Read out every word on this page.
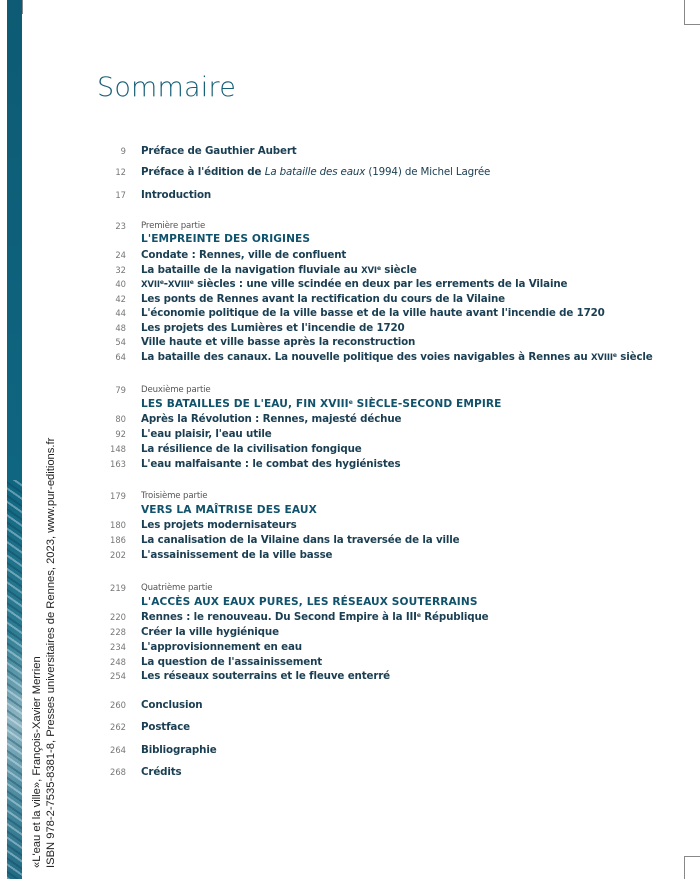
«L'eau et la ville», François-Xavier Merrien ISBN 978-2-7535-8381-8, Presses universitaires de Rennes, 2023, www.pur-editions.fr
Sommaire
9 Préface de Gauthier Aubert
12 Préface à l'édition de La bataille des eaux (1994) de Michel Lagrée
17 Introduction
23 Première partie
L'EMPREINTE DES ORIGINES
24 Condate : Rennes, ville de confluent
32 La bataille de la navigation fluviale au XVIe siècle
40 XVIIe-XVIIIe siècles : une ville scindée en deux par les errements de la Vilaine
42 Les ponts de Rennes avant la rectification du cours de la Vilaine
44 L'économie politique de la ville basse et de la ville haute avant l'incendie de 1720
48 Les projets des Lumières et l'incendie de 1720
54 Ville haute et ville basse après la reconstruction
64 La bataille des canaux. La nouvelle politique des voies navigables à Rennes au XVIIIe siècle
79 Deuxième partie
LES BATAILLES DE L'EAU, FIN XVIIIe SIÈCLE-SECOND EMPIRE
80 Après la Révolution : Rennes, majesté déchue
92 L'eau plaisir, l'eau utile
148 La résilience de la civilisation fongique
163 L'eau malfaisante : le combat des hygiénistes
179 Troisième partie
VERS LA MAÎTRISE DES EAUX
180 Les projets modernisateurs
186 La canalisation de la Vilaine dans la traversée de la ville
202 L'assainissement de la ville basse
219 Quatrième partie
L'ACCÈS AUX EAUX PURES, LES RÉSEAUX SOUTERRAINS
220 Rennes : le renouveau. Du Second Empire à la IIIe République
228 Créer la ville hygiénique
234 L'approvisionnement en eau
248 La question de l'assainissement
254 Les réseaux souterrains et le fleuve enterré
260 Conclusion
262 Postface
264 Bibliographie
268 Crédits
